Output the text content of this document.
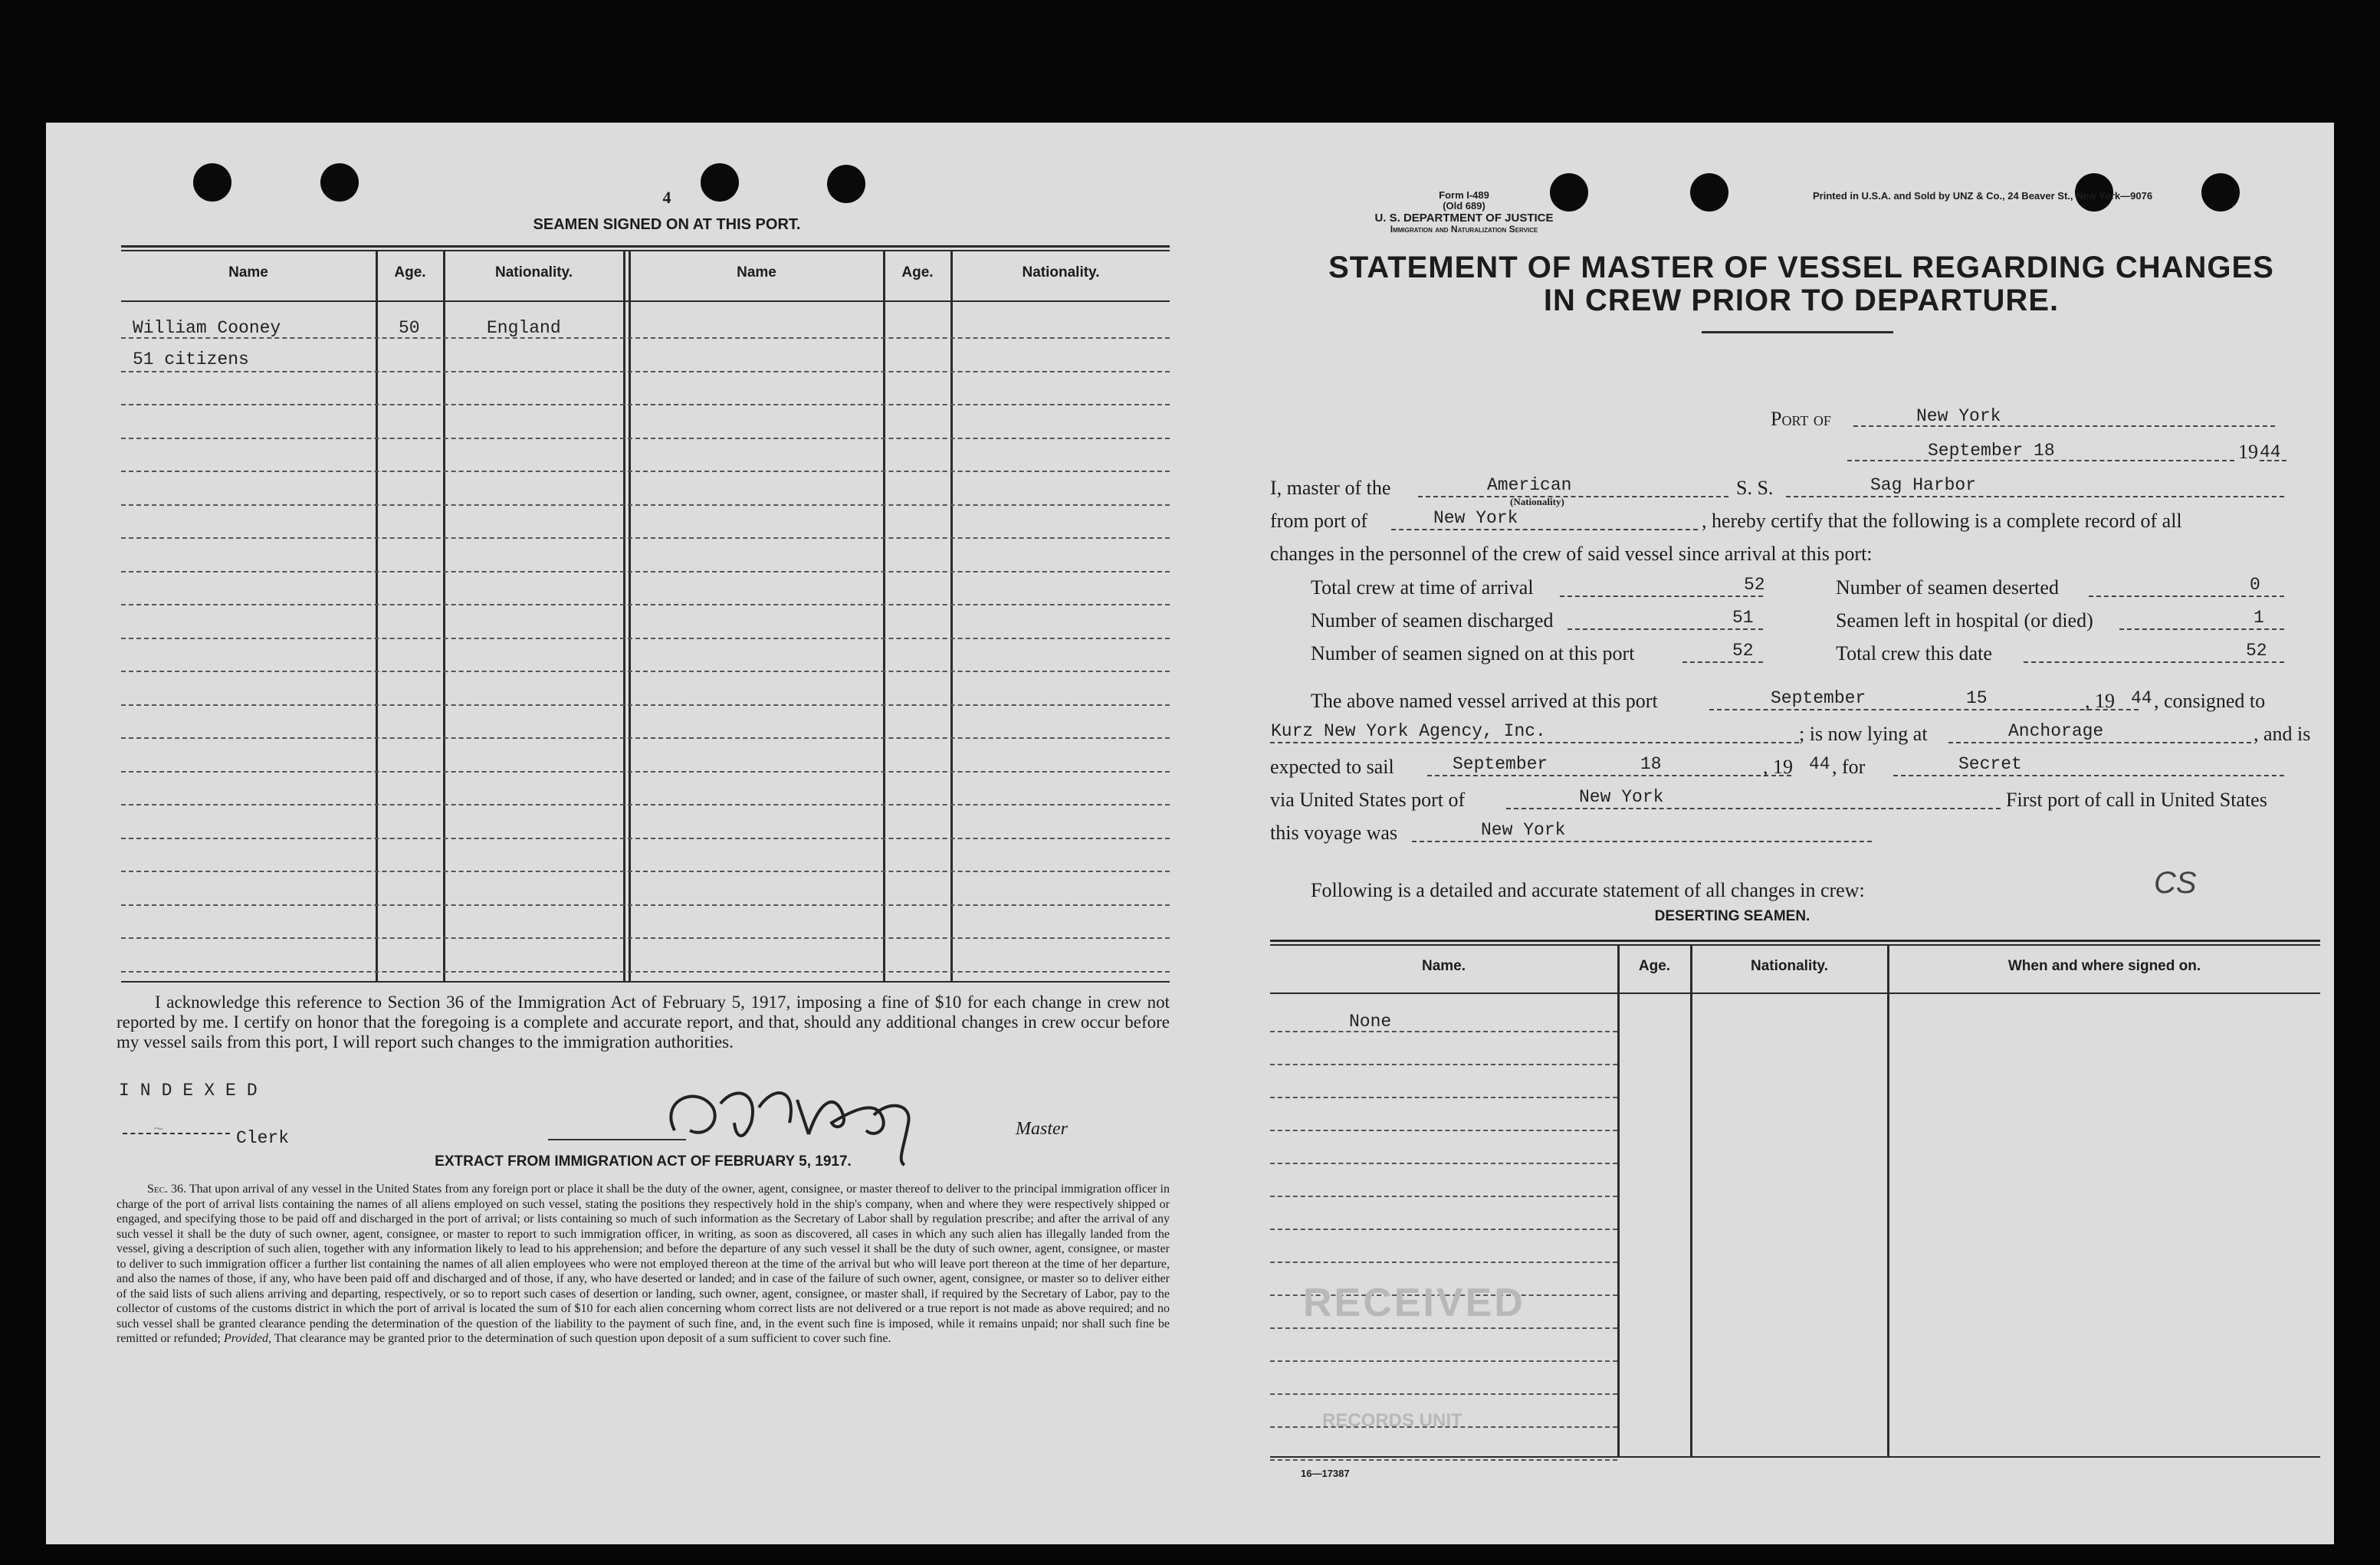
4
SEAMEN SIGNED ON AT THIS PORT.
Name	Age.	Nationality.	Name	Age.	Nationality.
William Cooney	50	England
51 citizens
I acknowledge this reference to Section 36 of the Immigration Act of February 5, 1917, imposing a fine of $10 for each change in crew not reported by me. I certify on honor that the foregoing is a complete and accurate report, and that, should any additional changes in crew occur before my vessel sails from this port, I will report such changes to the immigration authorities.
INDEXED
~	Clerk	Master
EXTRACT FROM IMMIGRATION ACT OF FEBRUARY 5, 1917.
Sec. 36. That upon arrival of any vessel in the United States from any foreign port or place it shall be the duty of the owner, agent, consignee, or master thereof to deliver to the principal immigration officer in charge of the port of arrival lists containing the names of all aliens employed on such vessel, stating the positions they respectively hold in the ship's company, when and where they were respectively shipped or engaged, and specifying those to be paid off and discharged in the port of arrival; or lists containing so much of such information as the Secretary of Labor shall by regulation prescribe; and after the arrival of any such vessel it shall be the duty of such owner, agent, consignee, or master to report to such immigration officer, in writing, as soon as discovered, all cases in which any such alien has illegally landed from the vessel, giving a description of such alien, together with any information likely to lead to his apprehension; and before the departure of any such vessel it shall be the duty of such owner, agent, consignee, or master to deliver to such immigration officer a further list containing the names of all alien employees who were not employed thereon at the time of the arrival but who will leave port thereon at the time of her departure, and also the names of those, if any, who have been paid off and discharged and of those, if any, who have deserted or landed; and in case of the failure of such owner, agent, consignee, or master so to deliver either of the said lists of such aliens arriving and departing, respectively, or so to report such cases of desertion or landing, such owner, agent, consignee, or master shall, if required by the Secretary of Labor, pay to the collector of customs of the customs district in which the port of arrival is located the sum of $10 for each alien concerning whom correct lists are not delivered or a true report is not made as above required; and no such vessel shall be granted clearance pending the determination of the question of the liability to the payment of such fine, and, in the event such fine is imposed, while it remains unpaid; nor shall such fine be remitted or refunded; Provided, That clearance may be granted prior to the determination of such question upon deposit of a sum sufficient to cover such fine.
Form I-489
(Old 689)
U. S. DEPARTMENT OF JUSTICE
Immigration and Naturalization Service
Printed in U.S.A. and Sold by UNZ & Co., 24 Beaver St., New York—9076
STATEMENT OF MASTER OF VESSEL REGARDING CHANGES
IN CREW PRIOR TO DEPARTURE.
Port of	New York
September 18	19 44
I, master of the	American
(Nationality)
S. S.	Sag Harbor
from port of	New York	, hereby certify that the following is a complete record of all
changes in the personnel of the crew of said vessel since arrival at this port:
Total crew at time of arrival	52	Number of seamen deserted	0
Number of seamen discharged	51	Seamen left in hospital (or died)	1
Number of seamen signed on at this port	52	Total crew this date	52
The above named vessel arrived at this port	September	15	, 19 44 , consigned to
Kurz New York Agency, Inc.	; is now lying at	Anchorage	, and is
expected to sail	September	18	, 19 44 , for	Secret
via United States port of	New York	First port of call in United States
this voyage was	New York
Following is a detailed and accurate statement of all changes in crew:	CS
DESERTING SEAMEN.
Name.	Age.	Nationality.	When and where signed on.
None
RECEIVED
RECORDS UNIT
16—17387
